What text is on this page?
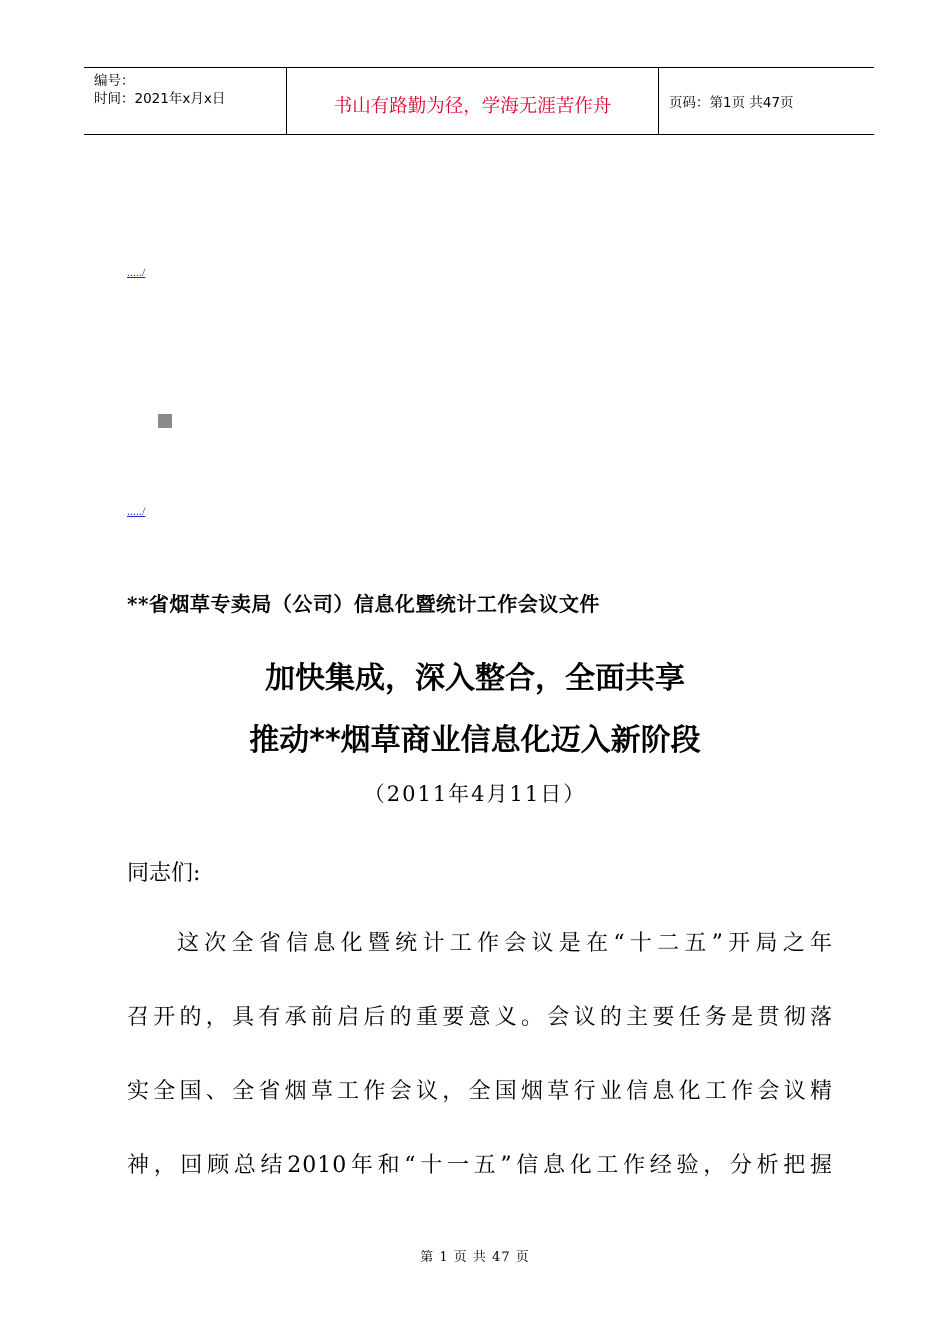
编号：
时间：2021年x月x日	书山有路勤为径，学海无涯苦作舟	页码：第1页 共47页
...../
...../
**省烟草专卖局（公司）信息化暨统计工作会议文件
加快集成，深入整合，全面共享
推动**烟草商业信息化迈入新阶段
（2011年4月11日）
同志们:
这次全省信息化暨统计工作会议是在“十二五”开局之年
召开的，具有承前启后的重要意义。会议的主要任务是贯彻落
实全国、全省烟草工作会议，全国烟草行业信息化工作会议精
神，回顾总结2010年和“十一五”信息化工作经验，分析把握
第 1 页 共 47 页
